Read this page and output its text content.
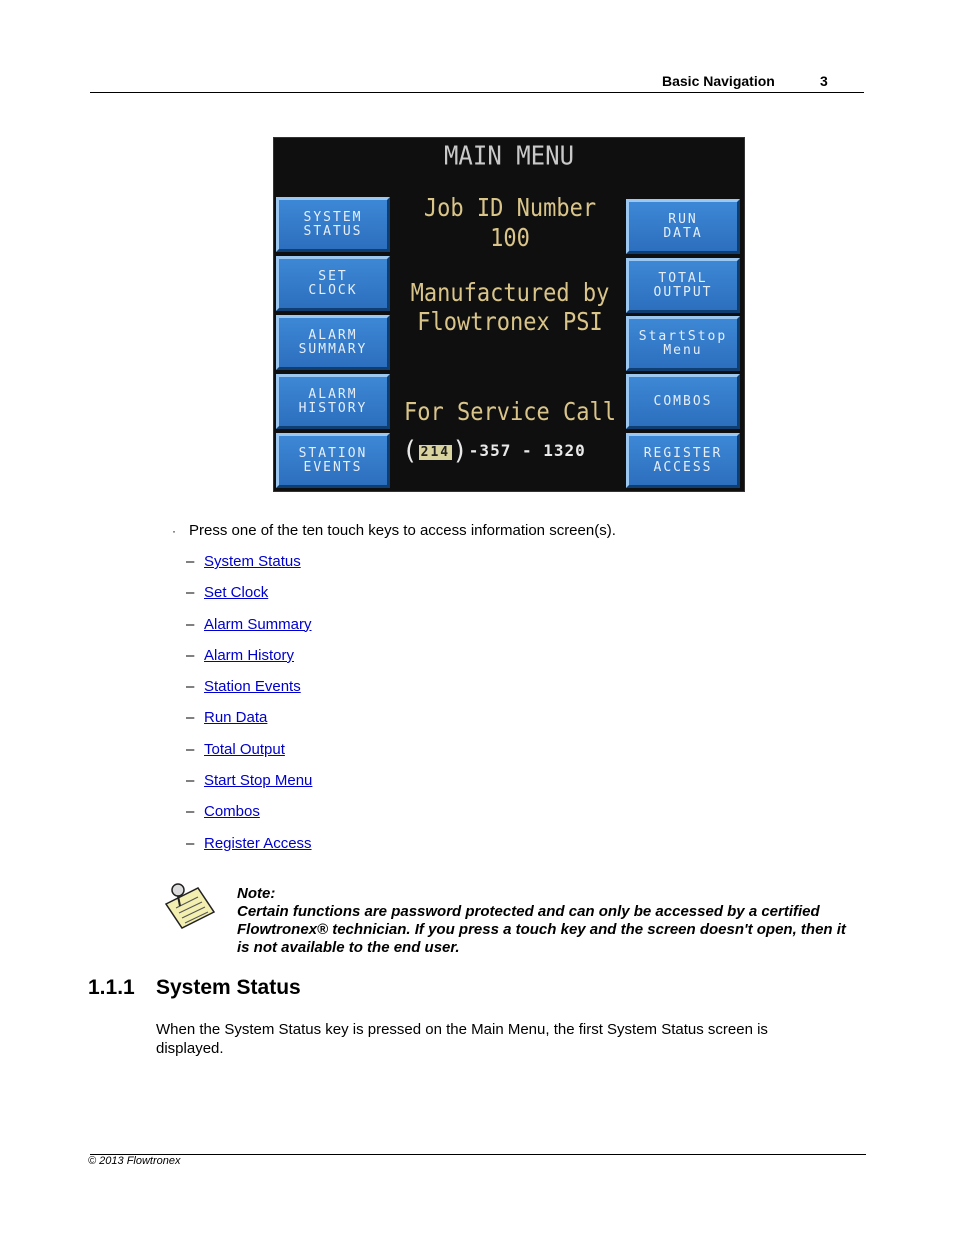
Basic Navigation	3
MAIN MENU
Job ID Number
100
Manufactured by
Flowtronex PSI
For Service Call
( 214)-357 - 1320
SYSTEM
STATUS
SET
CLOCK
ALARM
SUMMARY
ALARM
HISTORY
STATION
EVENTS
RUN
DATA
TOTAL
OUTPUT
StartStop
Menu
COMBOS
REGISTER
ACCESS
· Press one of the ten touch keys to access information screen(s).
– System Status
– Set Clock
– Alarm Summary
– Alarm History
– Station Events
– Run Data
– Total Output
– Start Stop Menu
– Combos
– Register Access
Note:
Certain functions are password protected and can only be accessed by a certified Flowtronex® technician. If you press a touch key and the screen doesn't open, then it is not available to the end user.
1.1.1 System Status
When the System Status key is pressed on the Main Menu, the first System Status screen is displayed.
© 2013 Flowtronex
